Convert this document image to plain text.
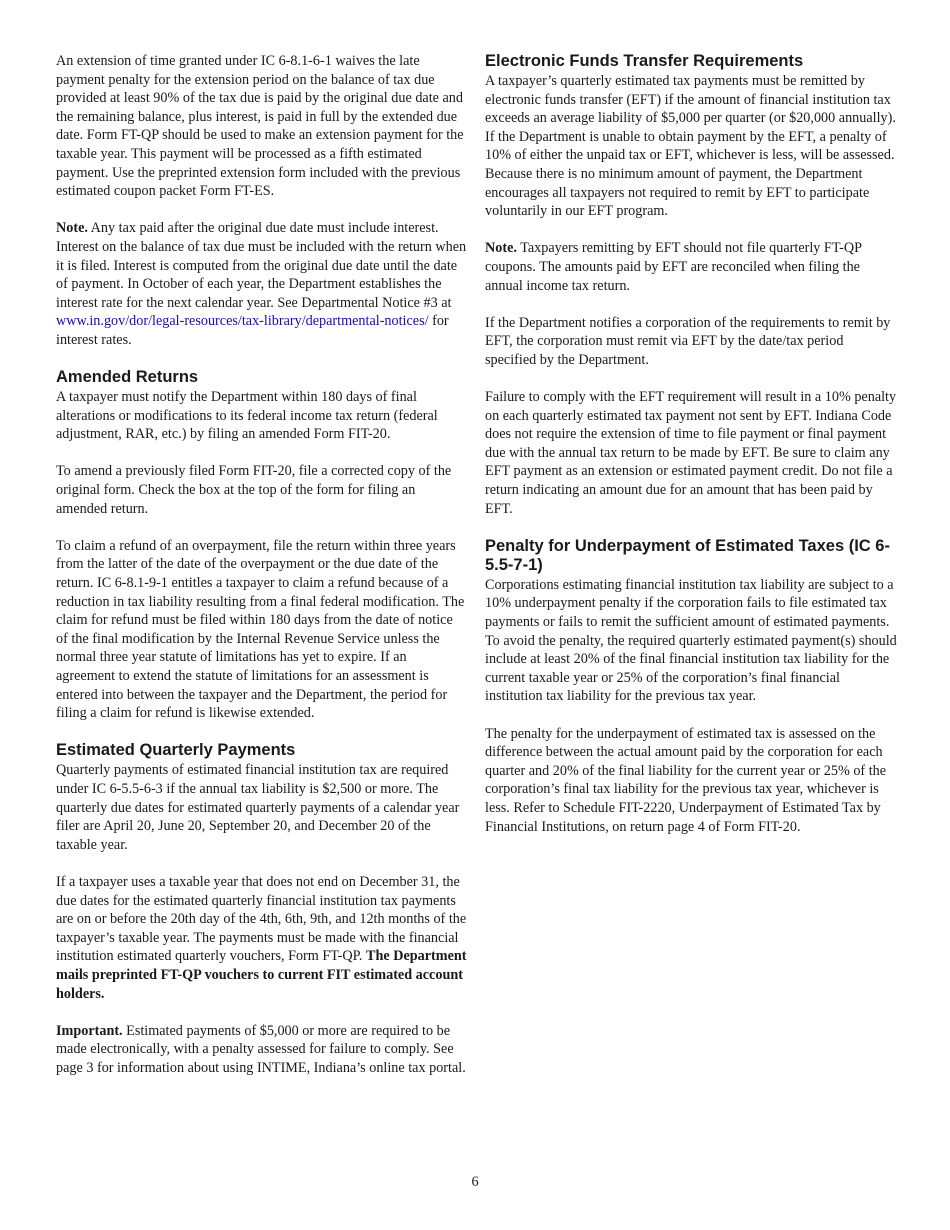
An extension of time granted under IC 6-8.1-6-1 waives the late payment penalty for the extension period on the balance of tax due provided at least 90% of the tax due is paid by the original due date and the remaining balance, plus interest, is paid in full by the extended due date. Form FT-QP should be used to make an extension payment for the taxable year. This payment will be processed as a fifth estimated payment. Use the preprinted extension form included with the previous estimated coupon packet Form FT-ES.

Note. Any tax paid after the original due date must include interest. Interest on the balance of tax due must be included with the return when it is filed. Interest is computed from the original due date until the date of payment. In October of each year, the Department establishes the interest rate for the next calendar year. See Departmental Notice #3 at www.in.gov/dor/legal-resources/tax-library/departmental-notices/ for interest rates.

Amended Returns

A taxpayer must notify the Department within 180 days of final alterations or modifications to its federal income tax return (federal adjustment, RAR, etc.) by filing an amended Form FIT-20.

To amend a previously filed Form FIT-20, file a corrected copy of the original form. Check the box at the top of the form for filing an amended return.

To claim a refund of an overpayment, file the return within three years from the latter of the date of the overpayment or the due date of the return. IC 6-8.1-9-1 entitles a taxpayer to claim a refund because of a reduction in tax liability resulting from a final federal modification. The claim for refund must be filed within 180 days from the date of notice of the final modification by the Internal Revenue Service unless the normal three year statute of limitations has yet to expire. If an agreement to extend the statute of limitations for an assessment is entered into between the taxpayer and the Department, the period for filing a claim for refund is likewise extended.

Estimated Quarterly Payments

Quarterly payments of estimated financial institution tax are required under IC 6-5.5-6-3 if the annual tax liability is $2,500 or more. The quarterly due dates for estimated quarterly payments of a calendar year filer are April 20, June 20, September 20, and December 20 of the taxable year.

If a taxpayer uses a taxable year that does not end on December 31, the due dates for the estimated quarterly financial institution tax payments are on or before the 20th day of the 4th, 6th, 9th, and 12th months of the taxpayer’s taxable year. The payments must be made with the financial institution estimated quarterly vouchers, Form FT-QP. The Department mails preprinted FT-QP vouchers to current FIT estimated account holders.

Important. Estimated payments of $5,000 or more are required to be made electronically, with a penalty assessed for failure to comply. See page 3 for information about using INTIME, Indiana’s online tax portal.

Electronic Funds Transfer Requirements

A taxpayer’s quarterly estimated tax payments must be remitted by electronic funds transfer (EFT) if the amount of financial institution tax exceeds an average liability of $5,000 per quarter (or $20,000 annually). If the Department is unable to obtain payment by the EFT, a penalty of 10% of either the unpaid tax or EFT, whichever is less, will be assessed. Because there is no minimum amount of payment, the Department encourages all taxpayers not required to remit by EFT to participate voluntarily in our EFT program.

Note. Taxpayers remitting by EFT should not file quarterly FT-QP coupons. The amounts paid by EFT are reconciled when filing the annual income tax return.

If the Department notifies a corporation of the requirements to remit by EFT, the corporation must remit via EFT by the date/tax period specified by the Department.

Failure to comply with the EFT requirement will result in a 10% penalty on each quarterly estimated tax payment not sent by EFT. Indiana Code does not require the extension of time to file payment or final payment due with the annual tax return to be made by EFT. Be sure to claim any EFT payment as an extension or estimated payment credit. Do not file a return indicating an amount due for an amount that has been paid by EFT.

Penalty for Underpayment of Estimated Taxes (IC 6-5.5-7-1)

Corporations estimating financial institution tax liability are subject to a 10% underpayment penalty if the corporation fails to file estimated tax payments or fails to remit the sufficient amount of estimated payments. To avoid the penalty, the required quarterly estimated payment(s) should include at least 20% of the final financial institution tax liability for the current taxable year or 25% of the corporation’s final financial institution tax liability for the previous tax year.

The penalty for the underpayment of estimated tax is assessed on the difference between the actual amount paid by the corporation for each quarter and 20% of the final liability for the current year or 25% of the corporation’s final tax liability for the previous tax year, whichever is less. Refer to Schedule FIT-2220, Underpayment of Estimated Tax by Financial Institutions, on return page 4 of Form FIT-20.

6
